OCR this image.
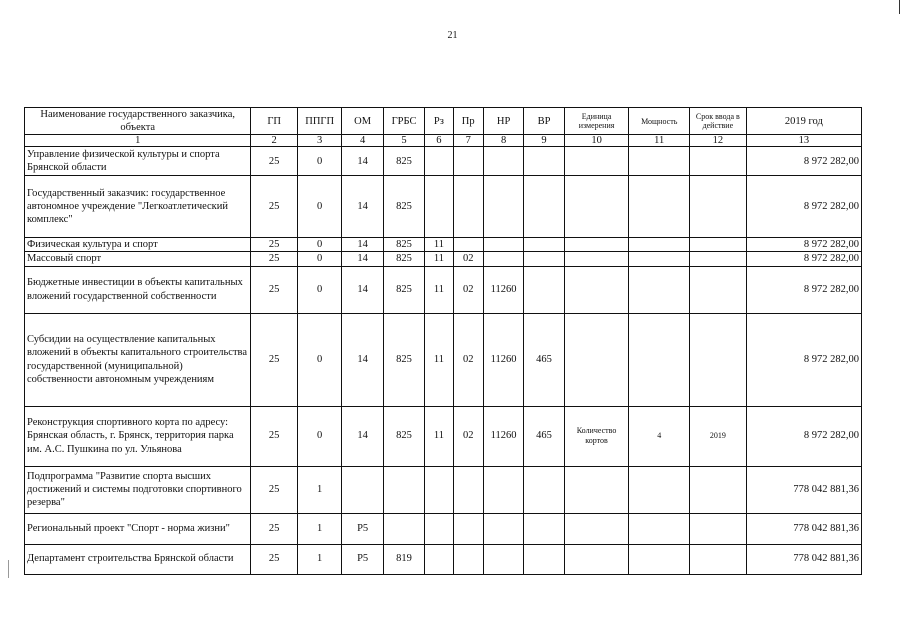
21
Наименование государственного заказчика, объекта	ГП	ППГП	ОМ	ГРБС	Рз	Пр	НР	ВР	Единица измерения	Мощность	Срок ввода в действие	2019 год
1	2	3	4	5	6	7	8	9	10	11	12	13
Управление физической культуры и спорта Брянской области	25	0	14	825								8 972 282,00
Государственный заказчик: государственное автономное учреждение "Легкоатлетический комплекс"	25	0	14	825								8 972 282,00
Физическая культура и спорт	25	0	14	825	11							8 972 282,00
Массовый спорт	25	0	14	825	11	02						8 972 282,00
Бюджетные инвестиции в объекты капитальных вложений государственной собственности	25	0	14	825	11	02	11260					8 972 282,00
Субсидии на осуществление капитальных вложений в объекты капитального строительства государственной (муниципальной) собственности автономным учреждениям	25	0	14	825	11	02	11260	465				8 972 282,00
Реконструкция спортивного корта по адресу: Брянская область, г. Брянск, территория парка им. А.С. Пушкина по ул. Ульянова	25	0	14	825	11	02	11260	465	Количество кортов	4	2019	8 972 282,00
Подпрограмма "Развитие спорта высших достижений и системы подготовки спортивного резерва"	25	1										778 042 881,36
Региональный проект "Спорт - норма жизни"	25	1	P5									778 042 881,36
Департамент строительства Брянской области	25	1	P5	819								778 042 881,36
